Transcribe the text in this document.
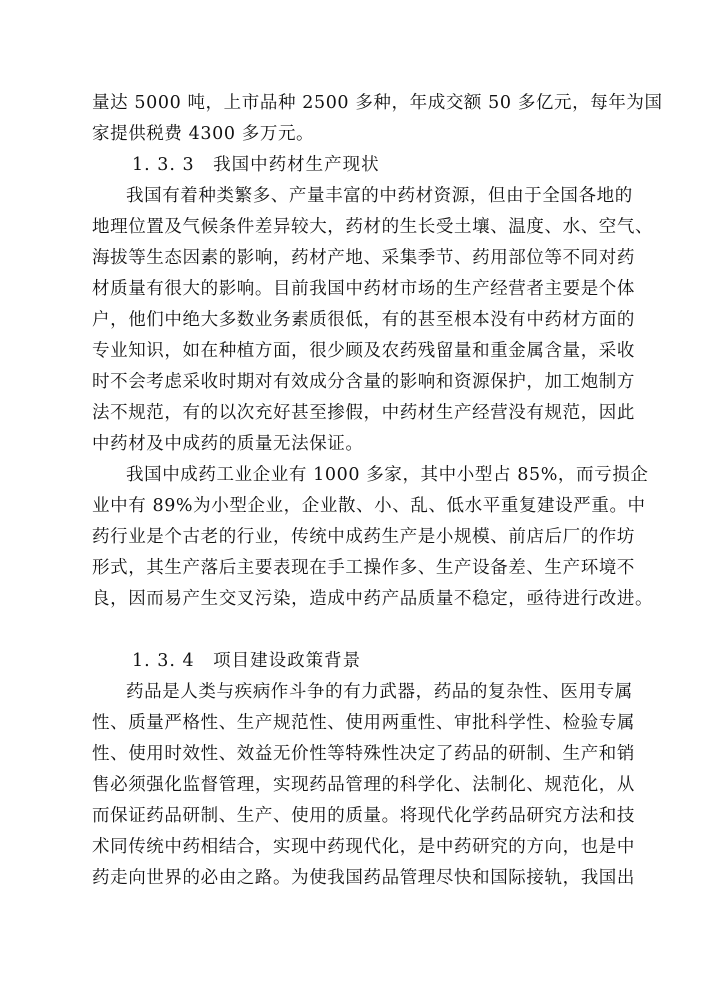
量达 5000 吨，上市品种 2500 多种，年成交额 50 多亿元，每年为国
家提供税费 4300 多万元。
1. 3. 3　我国中药材生产现状
我国有着种类繁多、产量丰富的中药材资源，但由于全国各地的
地理位置及气候条件差异较大，药材的生长受土壤、温度、水、空气、
海拔等生态因素的影响，药材产地、采集季节、药用部位等不同对药
材质量有很大的影响。目前我国中药材市场的生产经营者主要是个体
户，他们中绝大多数业务素质很低，有的甚至根本没有中药材方面的
专业知识，如在种植方面，很少顾及农药残留量和重金属含量，采收
时不会考虑采收时期对有效成分含量的影响和资源保护，加工炮制方
法不规范，有的以次充好甚至掺假，中药材生产经营没有规范，因此
中药材及中成药的质量无法保证。
我国中成药工业企业有 1000 多家，其中小型占 85%，而亏损企
业中有 89%为小型企业，企业散、小、乱、低水平重复建设严重。中
药行业是个古老的行业，传统中成药生产是小规模、前店后厂的作坊
形式，其生产落后主要表现在手工操作多、生产设备差、生产环境不
良，因而易产生交叉污染，造成中药产品质量不稳定，亟待进行改进。
1. 3. 4　项目建设政策背景
药品是人类与疾病作斗争的有力武器，药品的复杂性、医用专属
性、质量严格性、生产规范性、使用两重性、审批科学性、检验专属
性、使用时效性、效益无价性等特殊性决定了药品的研制、生产和销
售必须强化监督管理，实现药品管理的科学化、法制化、规范化，从
而保证药品研制、生产、使用的质量。将现代化学药品研究方法和技
术同传统中药相结合，实现中药现代化，是中药研究的方向，也是中
药走向世界的必由之路。为使我国药品管理尽快和国际接轨，我国出
